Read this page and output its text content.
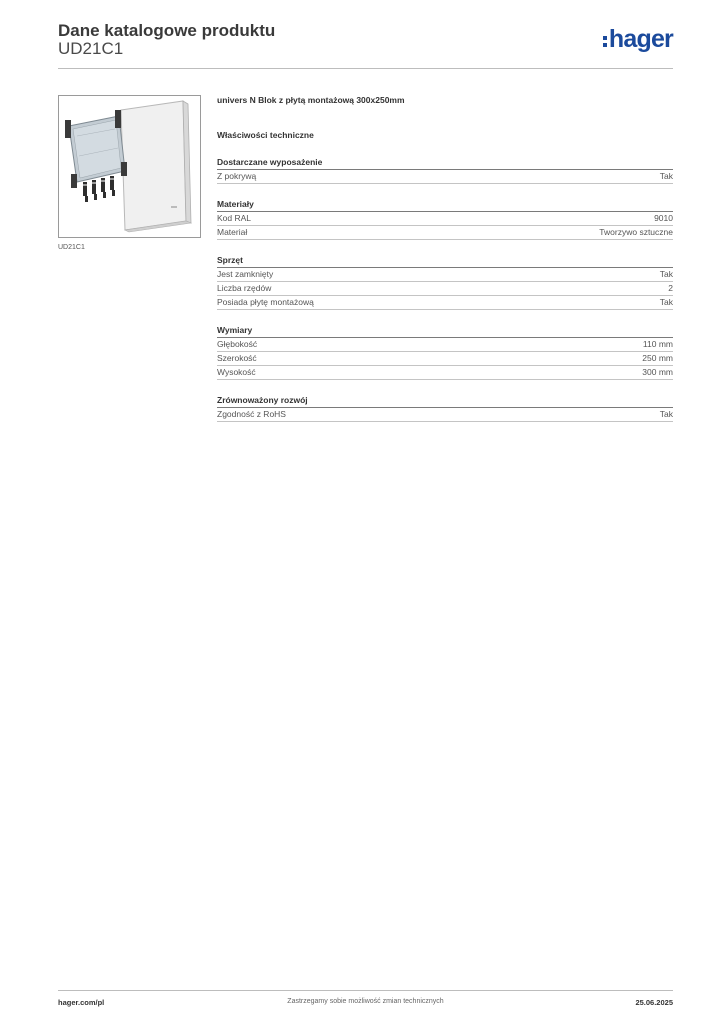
Dane katalogowe produktu
UD21C1	hager
UD21C1
univers N Blok z płytą montażową 300x250mm
Właściwości techniczne
Dostarczane wyposażenie
Z pokrywą	Tak
Materiały
Kod RAL	9010
Materiał	Tworzywo sztuczne
Sprzęt
Jest zamknięty	Tak
Liczba rzędów	2
Posiada płytę montażową	Tak
Wymiary
Głębokość	110 mm
Szerokość	250 mm
Wysokość	300 mm
Zrównoważony rozwój
Zgodność z RoHS	Tak
hager.com/pl	Zastrzegamy sobie możliwość zmian technicznych	25.06.2025
